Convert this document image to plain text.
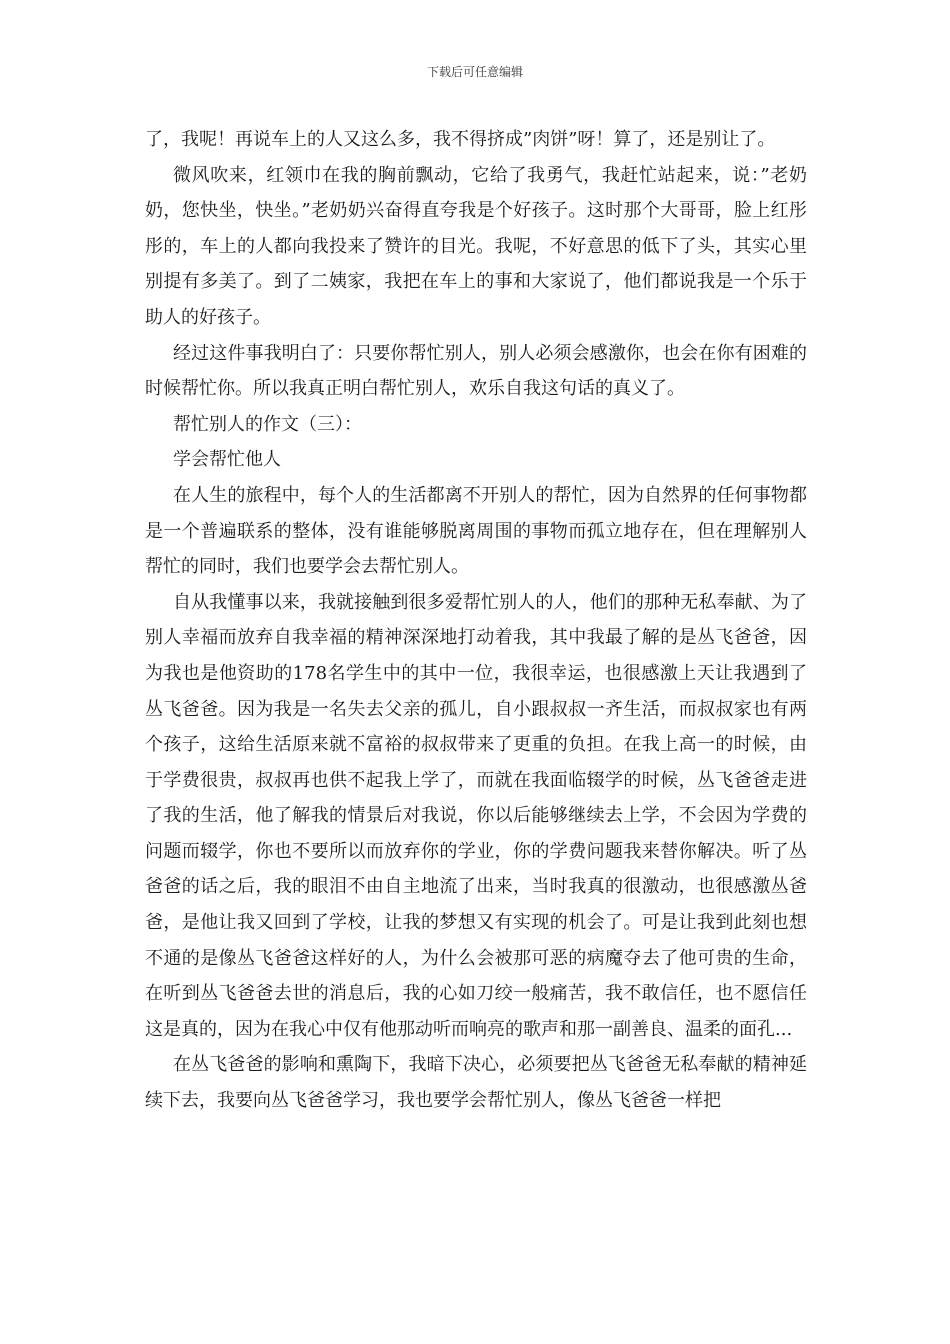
下载后可任意编辑

了，我呢！再说车上的人又这么多，我不得挤成”肉饼”呀！算了，还是别让了。

微风吹来，红领巾在我的胸前飘动，它给了我勇气，我赶忙站起来，说：”老奶奶，您快坐，快坐。”老奶奶兴奋得直夸我是个好孩子。这时那个大哥哥，脸上红彤彤的，车上的人都向我投来了赞许的目光。我呢，不好意思的低下了头，其实心里别提有多美了。到了二姨家，我把在车上的事和大家说了，他们都说我是一个乐于助人的好孩子。

经过这件事我明白了：只要你帮忙别人，别人必须会感激你，也会在你有困难的时候帮忙你。所以我真正明白帮忙别人，欢乐自我这句话的真义了。

帮忙别人的作文（三）：

学会帮忙他人

在人生的旅程中，每个人的生活都离不开别人的帮忙，因为自然界的任何事物都是一个普遍联系的整体，没有谁能够脱离周围的事物而孤立地存在，但在理解别人帮忙的同时，我们也要学会去帮忙别人。

自从我懂事以来，我就接触到很多爱帮忙别人的人，他们的那种无私奉献、为了别人幸福而放弃自我幸福的精神深深地打动着我，其中我最了解的是丛飞爸爸，因为我也是他资助的178名学生中的其中一位，我很幸运，也很感激上天让我遇到了丛飞爸爸。因为我是一名失去父亲的孤儿，自小跟叔叔一齐生活，而叔叔家也有两个孩子，这给生活原来就不富裕的叔叔带来了更重的负担。在我上高一的时候，由于学费很贵，叔叔再也供不起我上学了，而就在我面临辍学的时候，丛飞爸爸走进了我的生活，他了解我的情景后对我说，你以后能够继续去上学，不会因为学费的问题而辍学，你也不要所以而放弃你的学业，你的学费问题我来替你解决。听了丛爸爸的话之后，我的眼泪不由自主地流了出来，当时我真的很激动，也很感激丛爸爸，是他让我又回到了学校，让我的梦想又有实现的机会了。可是让我到此刻也想不通的是像丛飞爸爸这样好的人，为什么会被那可恶的病魔夺去了他可贵的生命，在听到丛飞爸爸去世的消息后，我的心如刀绞一般痛苦，我不敢信任，也不愿信任这是真的，因为在我心中仅有他那动听而响亮的歌声和那一副善良、温柔的面孔...

在丛飞爸爸的影响和熏陶下，我暗下决心，必须要把丛飞爸爸无私奉献的精神延续下去，我要向丛飞爸爸学习，我也要学会帮忙别人，像丛飞爸爸一样把
